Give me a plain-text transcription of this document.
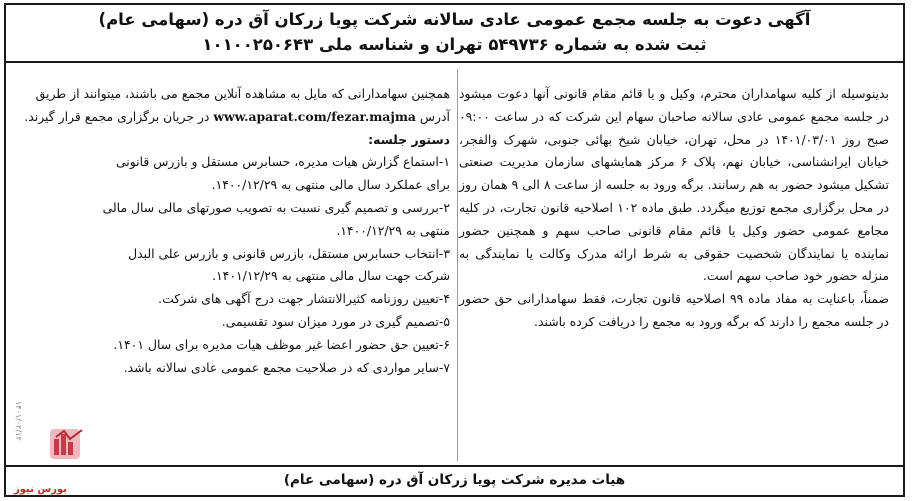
آگهی دعوت به جلسه مجمع عمومی عادی سالانه شرکت پویا زرکان آق دره (سهامی عام)
ثبت شده به شماره ۵۴۹۷۳۶ تهران و شناسه ملی ۱۰۱۰۰۲۵۰۶۴۳

بدینوسیله از کلیه سهامداران محترم، وکیل و یا قائم مقام قانونی آنها دعوت میشود در جلسه مجمع عمومی عادی سالانه صاحبان سهام این شرکت که در ساعت ۰۹:۰۰ صبح روز ۱۴۰۱/۰۳/۰۱ در محل، تهران، خیابان شیخ بهائی جنوبی، شهرک والفجر، خیابان ایرانشناسی، خیابان نهم، پلاک ۶ مرکز همایشهای سازمان مدیریت صنعتی تشکیل میشود حضور به هم رسانند. برگه ورود به جلسه از ساعت ۸ الی ۹ همان روز در محل برگزاری مجمع توزیع میگردد. طبق ماده ۱۰۲ اصلاحیه قانون تجارت، در کلیه مجامع عمومی حضور وکیل یا قائم مقام قانونی صاحب سهم و همچنین حضور نماینده یا نمایندگان شخصیت حقوقی به شرط ارائه مدرک وکالت یا نمایندگی به منزله حضور خود صاحب سهم است.

ضمناً، باعنایت به مفاد ماده ۹۹ اصلاحیه قانون تجارت، فقط سهامدارانی حق حضور در جلسه مجمع را دارند که برگه ورود به مجمع را دریافت کرده باشند.

همچنین سهامدارانی که مایل به مشاهده آنلاین مجمع می باشند، میتوانند از طریق آدرس www.aparat.com/fezar.majma در جریان برگزاری مجمع قرار گیرند.

دستور جلسه:

۱-استماع گزارش هیات مدیره، حسابرس مستقل و بازرس قانونی

برای عملکرد سال مالی منتهی به ۱۴۰۰/۱۲/۲۹.

۲-بررسی و تصمیم گیری نسبت به تصویب صورتهای مالی سال مالی

منتهی به ۱۴۰۰/۱۲/۲۹.

۳-انتخاب حسابرس مستقل، بازرس قانونی و بازرس علی البدل

شرکت جهت سال مالی منتهی به ۱۴۰۱/۱۲/۲۹.

۴-تعیین روزنامه کثیرالانتشار جهت درج آگهی های شرکت.

۵-تصمیم گیری در مورد میزان سود تقسیمی.

۶-تعیین حق حضور اعضا غیر موظف هیات مدیره برای سال ۱۴۰۱.

۷-سایر مواردی که در صلاحیت مجمع عمومی عادی سالانه باشد.

هیات مدیره شرکت پویا زرکان آق دره (سهامی عام)
۱۴۰۱/۰۲/۱۲
بورس نیوز
